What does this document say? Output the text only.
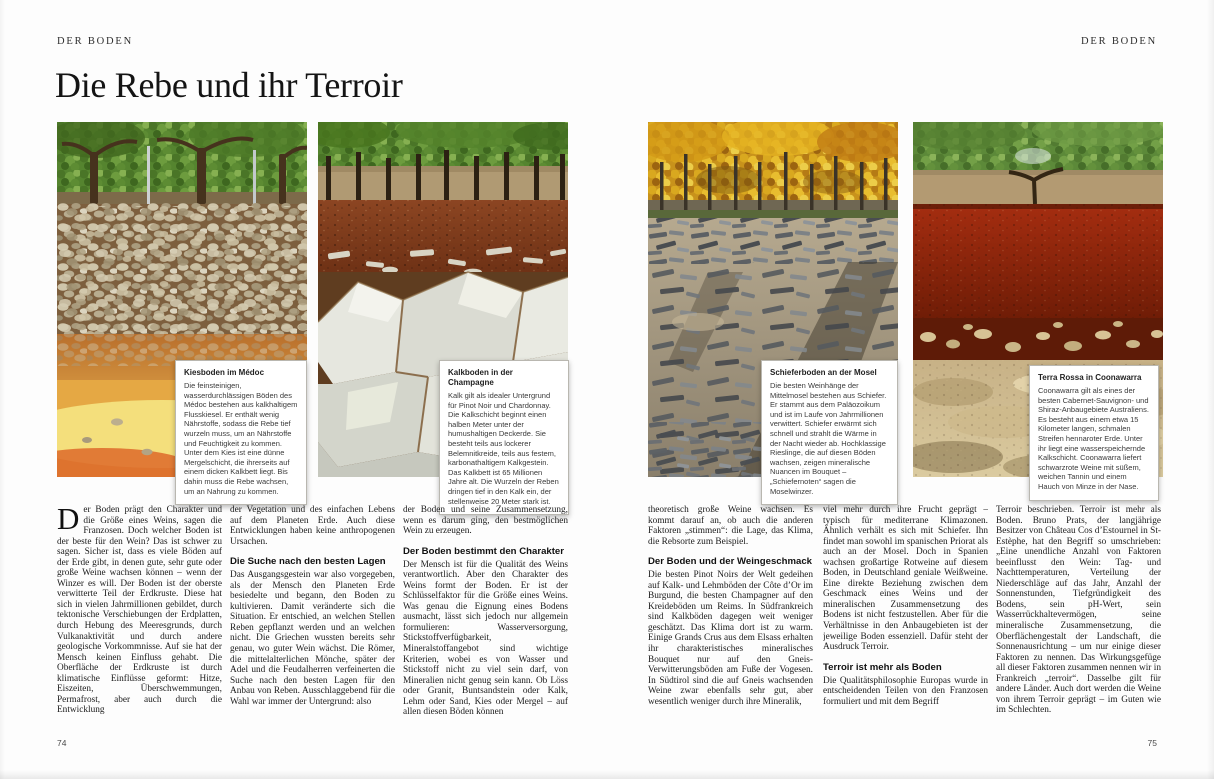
DER BODEN	DER BODEN
Die Rebe und ihr Terroir
Kiesboden im Médoc
Die feinsteinigen, wasserdurchlässigen Böden des Médoc bestehen aus kalkhaltigem Flusskiesel. Er enthält wenig Nährstoffe, sodass die Rebe tief wurzeln muss, um an Nährstoffe und Feuchtigkeit zu kommen. Unter dem Kies ist eine dünne Mergelschicht, die ihrerseits auf einem dicken Kalkbett liegt. Bis dahin muss die Rebe wachsen, um an Nahrung zu kommen.
Kalkboden in der Champagne
Kalk gilt als idealer Untergrund für Pinot Noir und Chardonnay. Die Kalkschicht beginnt einen halben Meter unter der humushaltigen Deckerde. Sie besteht teils aus lockerer Belemnitkreide, teils aus festem, karbonathaltigem Kalkgestein. Das Kalkbett ist 65 Millionen Jahre alt. Die Wurzeln der Reben dringen tief in den Kalk ein, der stellenweise 20 Meter stark ist.
Schieferboden an der Mosel
Die besten Weinhänge der Mittelmosel bestehen aus Schiefer. Er stammt aus dem Paläozoikum und ist im Laufe von Jahrmillionen verwittert. Schiefer erwärmt sich schnell und strahlt die Wärme in der Nacht wieder ab. Hochklassige Rieslinge, die auf diesen Böden wachsen, zeigen mineralische Nuancen im Bouquet – „Schiefernoten“ sagen die Moselwinzer.
Terra Rossa in Coonawarra
Coonawarra gilt als eines der besten Cabernet-Sauvignon- und Shiraz-Anbaugebiete Australiens. Es besteht aus einem etwa 15 Kilometer langen, schmalen Streifen hennaroter Erde. Unter ihr liegt eine wasserspeichernde Kalkschicht. Coonawarra liefert schwarzrote Weine mit süßem, weichen Tannin und einem Hauch von Minze in der Nase.

Der Boden prägt den Charakter und die Größe eines Weins, sagen die Franzosen. Doch welcher Boden ist der beste für den Wein? Das ist schwer zu sagen. Sicher ist, dass es viele Böden auf der Erde gibt, in denen gute, sehr gute oder große Weine wachsen können – wenn der Winzer es will. Der Boden ist der oberste verwitterte Teil der Erdkruste. Diese hat sich in vielen Jahrmillionen gebildet, durch tektonische Verschiebungen der Erdplatten, durch Hebung des Meeresgrunds, durch Vulkanaktivität und durch andere geologische Vorkommnisse. Auf sie hat der Mensch keinen Einfluss gehabt. Die Oberfläche der Erdkruste ist durch klimatische Einflüsse geformt: Hitze, Eiszeiten, Überschwemmungen, Permafrost, aber auch durch die Entwicklung

der Vegetation und des einfachen Lebens auf dem Planeten Erde. Auch diese Entwicklungen haben keine anthropogenen Ursachen.

Die Suche nach den besten Lagen

Das Ausgangsgestein war also vorgegeben, als der Mensch den Planeten Erde besiedelte und begann, den Boden zu kultivieren. Damit veränderte sich die Situation. Er entschied, an welchen Stellen Reben gepflanzt werden und an welchen nicht. Die Griechen wussten bereits sehr genau, wo guter Wein wächst. Die Römer, die mittelalterlichen Mönche, später der Adel und die Feudalherren verfeinerten die Suche nach den besten Lagen für den Anbau von Reben. Ausschlaggebend für die Wahl war immer der Untergrund: also

der Boden und seine Zusammensetzung, wenn es darum ging, den bestmöglichen Wein zu erzeugen.

Der Boden bestimmt den Charakter

Der Mensch ist für die Qualität des Weins verantwortlich. Aber den Charakter des Weins formt der Boden. Er ist der Schlüsselfaktor für die Größe eines Weins. Was genau die Eignung eines Bodens ausmacht, lässt sich jedoch nur allgemein formulieren: Wasserversorgung, Stickstoffverfügbarkeit, Mineralstoffangebot sind wichtige Kriterien, wobei es von Wasser und Stickstoff nicht zu viel sein darf, von Mineralien nicht genug sein kann. Ob Löss oder Granit, Buntsandstein oder Kalk, Lehm oder Sand, Kies oder Mergel – auf allen diesen Böden können

theoretisch große Weine wachsen. Es kommt darauf an, ob auch die anderen Faktoren „stimmen“: die Lage, das Klima, die Rebsorte zum Beispiel.

Der Boden und der Weingeschmack

Die besten Pinot Noirs der Welt gedeihen auf Kalk- und Lehmböden der Côte d’Or im Burgund, die besten Champagner auf den Kreideböden um Reims. In Südfrankreich sind Kalkböden dagegen weit weniger geschätzt. Das Klima dort ist zu warm. Einige Grands Crus aus dem Elsass erhalten ihr charakteristisches mineralisches Bouquet nur auf den Gneis-Verwitterungsböden am Fuße der Vogesen. In Südtirol sind die auf Gneis wachsenden Weine zwar ebenfalls sehr gut, aber wesentlich weniger durch ihre Mineralik,

viel mehr durch ihre Frucht geprägt – typisch für mediterrane Klimazonen. Ähnlich verhält es sich mit Schiefer. Ihn findet man sowohl im spanischen Priorat als auch an der Mosel. Doch in Spanien wachsen großartige Rotweine auf diesem Boden, in Deutschland geniale Weißweine. Eine direkte Beziehung zwischen dem Geschmack eines Weins und der mineralischen Zusammensetzung des Bodens ist nicht festzustellen. Aber für die Verhältnisse in den Anbaugebieten ist der jeweilige Boden essenziell. Dafür steht der Ausdruck Terroir.

Terroir ist mehr als Boden

Die Qualitätsphilosophie Europas wurde in entscheidenden Teilen von den Franzosen formuliert und mit dem Begriff

Terroir beschrieben. Terroir ist mehr als Boden. Bruno Prats, der langjährige Besitzer von Château Cos d’Estournel in St-Estèphe, hat den Begriff so umschrieben: „Eine unendliche Anzahl von Faktoren beeinflusst den Wein: Tag- und Nachttemperaturen, Verteilung der Niederschläge auf das Jahr, Anzahl der Sonnenstunden, Tiefgründigkeit des Bodens, sein pH-Wert, sein Wasserrückhaltevermögen, seine mineralische Zusammensetzung, die Oberflächengestalt der Landschaft, die Sonnenausrichtung – um nur einige dieser Faktoren zu nennen. Das Wirkungsgefüge all dieser Faktoren zusammen nennen wir in Frankreich „terroir“. Dasselbe gilt für andere Länder. Auch dort werden die Weine von ihrem Terroir geprägt – im Guten wie im Schlechten.

74	75
